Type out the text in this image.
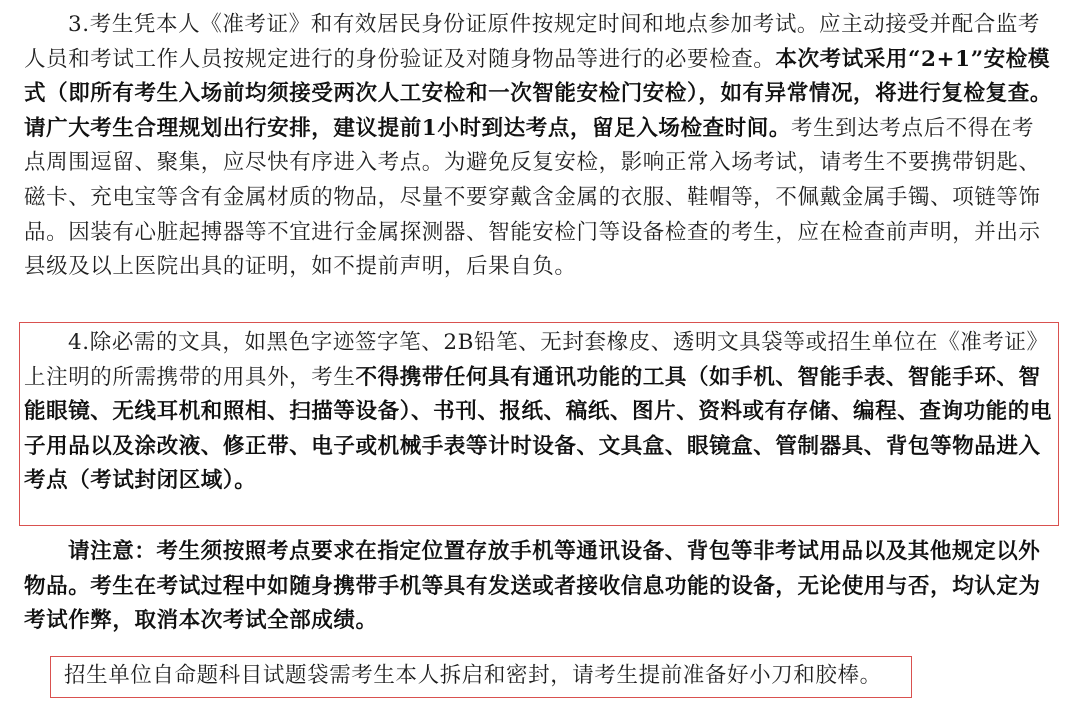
3.考生凭本人《准考证》和有效居民身份证原件按规定时间和地点参加考试。应主动接受并配合监考人员和考试工作人员按规定进行的身份验证及对随身物品等进行的必要检查。本次考试采用“2+1”安检模式（即所有考生入场前均须接受两次人工安检和一次智能安检门安检），如有异常情况，将进行复检复查。请广大考生合理规划出行安排，建议提前1小时到达考点，留足入场检查时间。考生到达考点后不得在考点周围逗留、聚集，应尽快有序进入考点。为避免反复安检，影响正常入场考试，请考生不要携带钥匙、磁卡、充电宝等含有金属材质的物品，尽量不要穿戴含金属的衣服、鞋帽等，不佩戴金属手镯、项链等饰品。因装有心脏起搏器等不宜进行金属探测器、智能安检门等设备检查的考生，应在检查前声明，并出示县级及以上医院出具的证明，如不提前声明，后果自负。

4.除必需的文具，如黑色字迹签字笔、2B铅笔、无封套橡皮、透明文具袋等或招生单位在《准考证》上注明的所需携带的用具外，考生不得携带任何具有通讯功能的工具（如手机、智能手表、智能手环、智能眼镜、无线耳机和照相、扫描等设备）、书刊、报纸、稿纸、图片、资料或有存储、编程、查询功能的电子用品以及涂改液、修正带、电子或机械手表等计时设备、文具盒、眼镜盒、管制器具、背包等物品进入考点（考试封闭区域）。

请注意：考生须按照考点要求在指定位置存放手机等通讯设备、背包等非考试用品以及其他规定以外物品。考生在考试过程中如随身携带手机等具有发送或者接收信息功能的设备，无论使用与否，均认定为考试作弊，取消本次考试全部成绩。

招生单位自命题科目试题袋需考生本人拆启和密封，请考生提前准备好小刀和胶棒。
